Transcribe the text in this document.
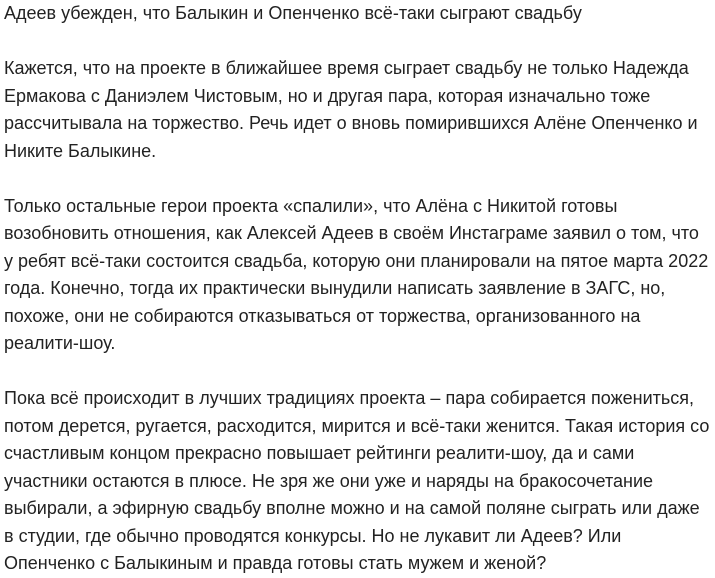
Адеев убежден, что Балыкин и Опенченко всё-таки сыграют свадьбу

Кажется, что на проекте в ближайшее время сыграет свадьбу не только Надежда Ермакова с Даниэлем Чистовым, но и другая пара, которая изначально тоже рассчитывала на торжество. Речь идет о вновь помирившихся Алёне Опенченко и Никите Балыкине.

Только остальные герои проекта «спалили», что Алёна с Никитой готовы возобновить отношения, как Алексей Адеев в своём Инстаграме заявил о том, что у ребят всё-таки состоится свадьба, которую они планировали на пятое марта 2022 года. Конечно, тогда их практически вынудили написать заявление в ЗАГС, но, похоже, они не собираются отказываться от торжества, организованного на реалити-шоу.

Пока всё происходит в лучших традициях проекта – пара собирается пожениться, потом дерется, ругается, расходится, мирится и всё-таки женится. Такая история со счастливым концом прекрасно повышает рейтинги реалити-шоу, да и сами участники остаются в плюсе. Не зря же они уже и наряды на бракосочетание выбирали, а эфирную свадьбу вполне можно и на самой поляне сыграть или даже в студии, где обычно проводятся конкурсы. Но не лукавит ли Адеев? Или Опенченко с Балыкиным и правда готовы стать мужем и женой?
